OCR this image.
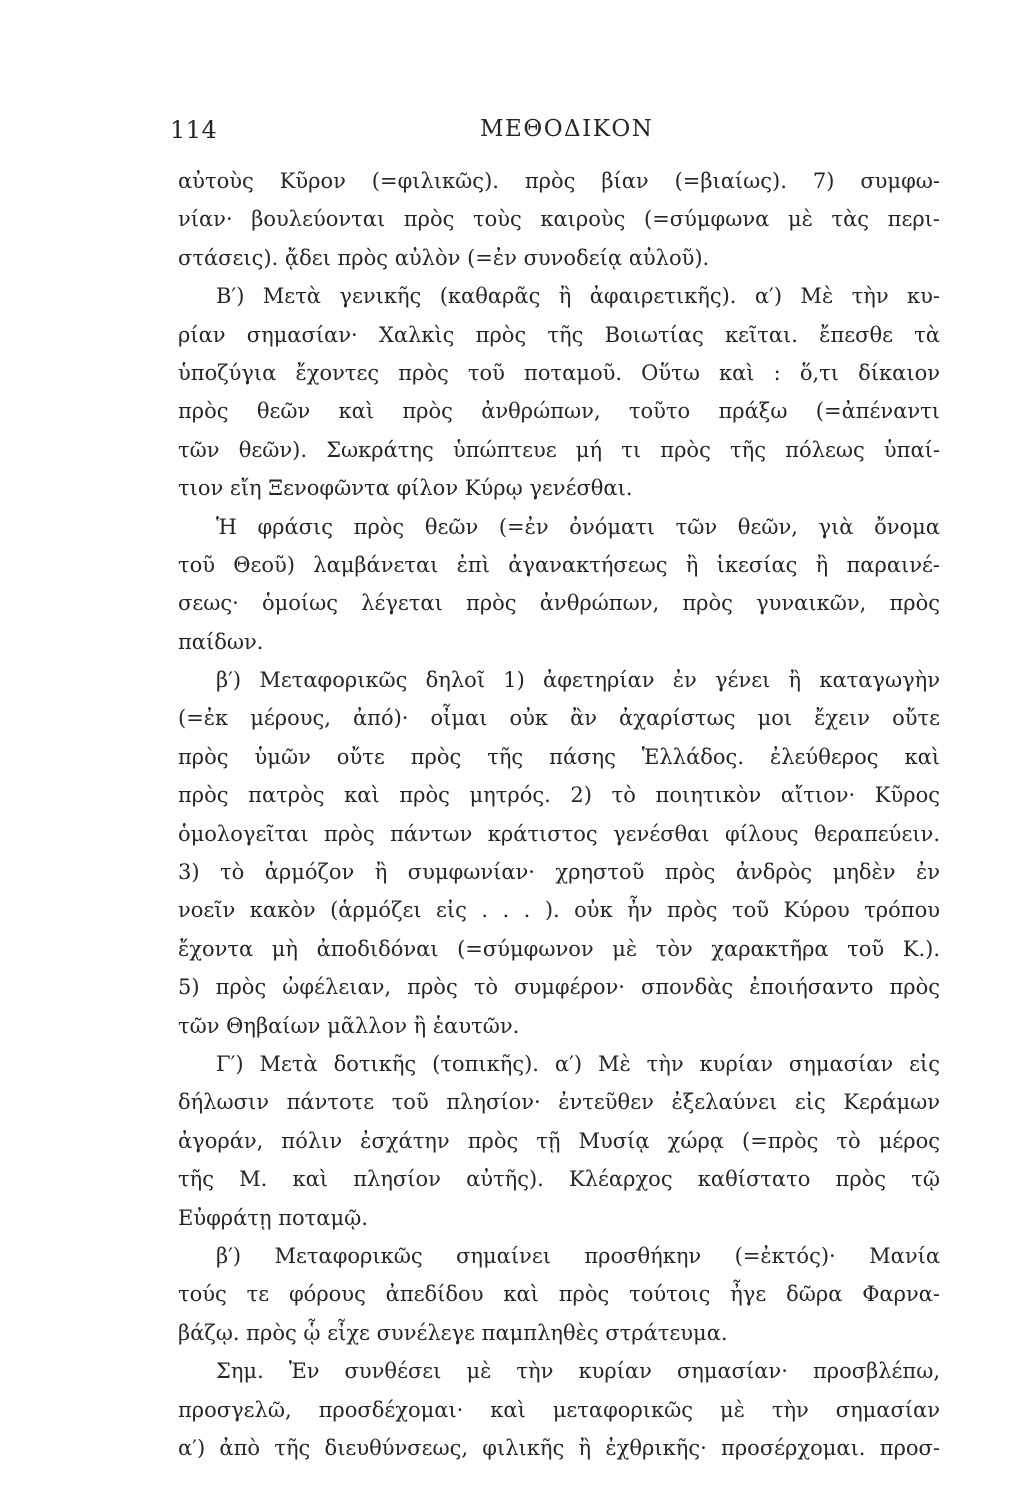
114	ΜΕΘΟΔΙΚΟΝ
αὐτοὺς Κῦρον (=φιλικῶς). πρὸς βίαν (=βιαίως). 7) συμφω-
νίαν· βουλεύονται πρὸς τοὺς καιροὺς (=σύμφωνα μὲ τὰς περι-
στάσεις). ᾄδει πρὸς αὐλὸν (=ἐν συνοδείᾳ αὐλοῦ).
Β′) Μετὰ γενικῆς (καθαρᾶς ἢ ἀφαιρετικῆς). α′) Μὲ τὴν κυ-
ρίαν σημασίαν· Χαλκὶς πρὸς τῆς Βοιωτίας κεῖται. ἔπεσθε τὰ
ὑποζύγια ἔχοντες πρὸς τοῦ ποταμοῦ. Οὕτω καὶ : ὅ,τι δίκαιον
πρὸς θεῶν καὶ πρὸς ἀνθρώπων, τοῦτο πράξω (=ἀπέναντι
τῶν θεῶν). Σωκράτης ὑπώπτευε μή τι πρὸς τῆς πόλεως ὑπαί-
τιον εἴη Ξενοφῶντα φίλον Κύρῳ γενέσθαι.
Ἡ φράσις πρὸς θεῶν (=ἐν ὀνόματι τῶν θεῶν, γιὰ ὄνομα
τοῦ Θεοῦ) λαμβάνεται ἐπὶ ἀγανακτήσεως ἢ ἱκεσίας ἢ παραινέ-
σεως· ὁμοίως λέγεται πρὸς ἀνθρώπων, πρὸς γυναικῶν, πρὸς
παίδων.
β′) Μεταφορικῶς δηλοῖ 1) ἀφετηρίαν ἐν γένει ἢ καταγωγὴν
(=ἐκ μέρους, ἀπό)· οἶμαι οὐκ ἂν ἀχαρίστως μοι ἔχειν οὔτε
πρὸς ὑμῶν οὔτε πρὸς τῆς πάσης Ἑλλάδος. ἐλεύθερος καὶ
πρὸς πατρὸς καὶ πρὸς μητρός. 2) τὸ ποιητικὸν αἴτιον· Κῦρος
ὁμολογεῖται πρὸς πάντων κράτιστος γενέσθαι φίλους θεραπεύειν.
3) τὸ ἁρμόζον ἢ συμφωνίαν· χρηστοῦ πρὸς ἀνδρὸς μηδὲν ἐν
νοεῖν κακὸν (ἁρμόζει εἰς . . . ). οὐκ ἦν πρὸς τοῦ Κύρου τρόπου
ἔχοντα μὴ ἀποδιδόναι (=σύμφωνον μὲ τὸν χαρακτῆρα τοῦ Κ.).
5) πρὸς ὠφέλειαν, πρὸς τὸ συμφέρον· σπονδὰς ἐποιήσαντο πρὸς
τῶν Θηβαίων μᾶλλον ἢ ἑαυτῶν.
Γ′) Μετὰ δοτικῆς (τοπικῆς). α′) Μὲ τὴν κυρίαν σημασίαν εἰς
δήλωσιν πάντοτε τοῦ πλησίον· ἐντεῦθεν ἐξελαύνει εἰς Κεράμων
ἀγοράν, πόλιν ἐσχάτην πρὸς τῇ Μυσίᾳ χώρᾳ (=πρὸς τὸ μέρος
τῆς Μ. καὶ πλησίον αὐτῆς). Κλέαρχος καθίστατο πρὸς τῷ
Εὐφράτῃ ποταμῷ.
β′) Μεταφορικῶς σημαίνει προσθήκην (=ἐκτός)· Μανία
τούς τε φόρους ἀπεδίδου καὶ πρὸς τούτοις ἦγε δῶρα Φαρνα-
βάζῳ. πρὸς ᾧ εἶχε συνέλεγε παμπληθὲς στράτευμα.
Σημ. Ἐν συνθέσει μὲ τὴν κυρίαν σημασίαν· προσβλέπω,
προσγελῶ, προσδέχομαι· καὶ μεταφορικῶς μὲ τὴν σημασίαν
α′) ἀπὸ τῆς διευθύνσεως, φιλικῆς ἢ ἐχθρικῆς· προσέρχομαι. προσ-
